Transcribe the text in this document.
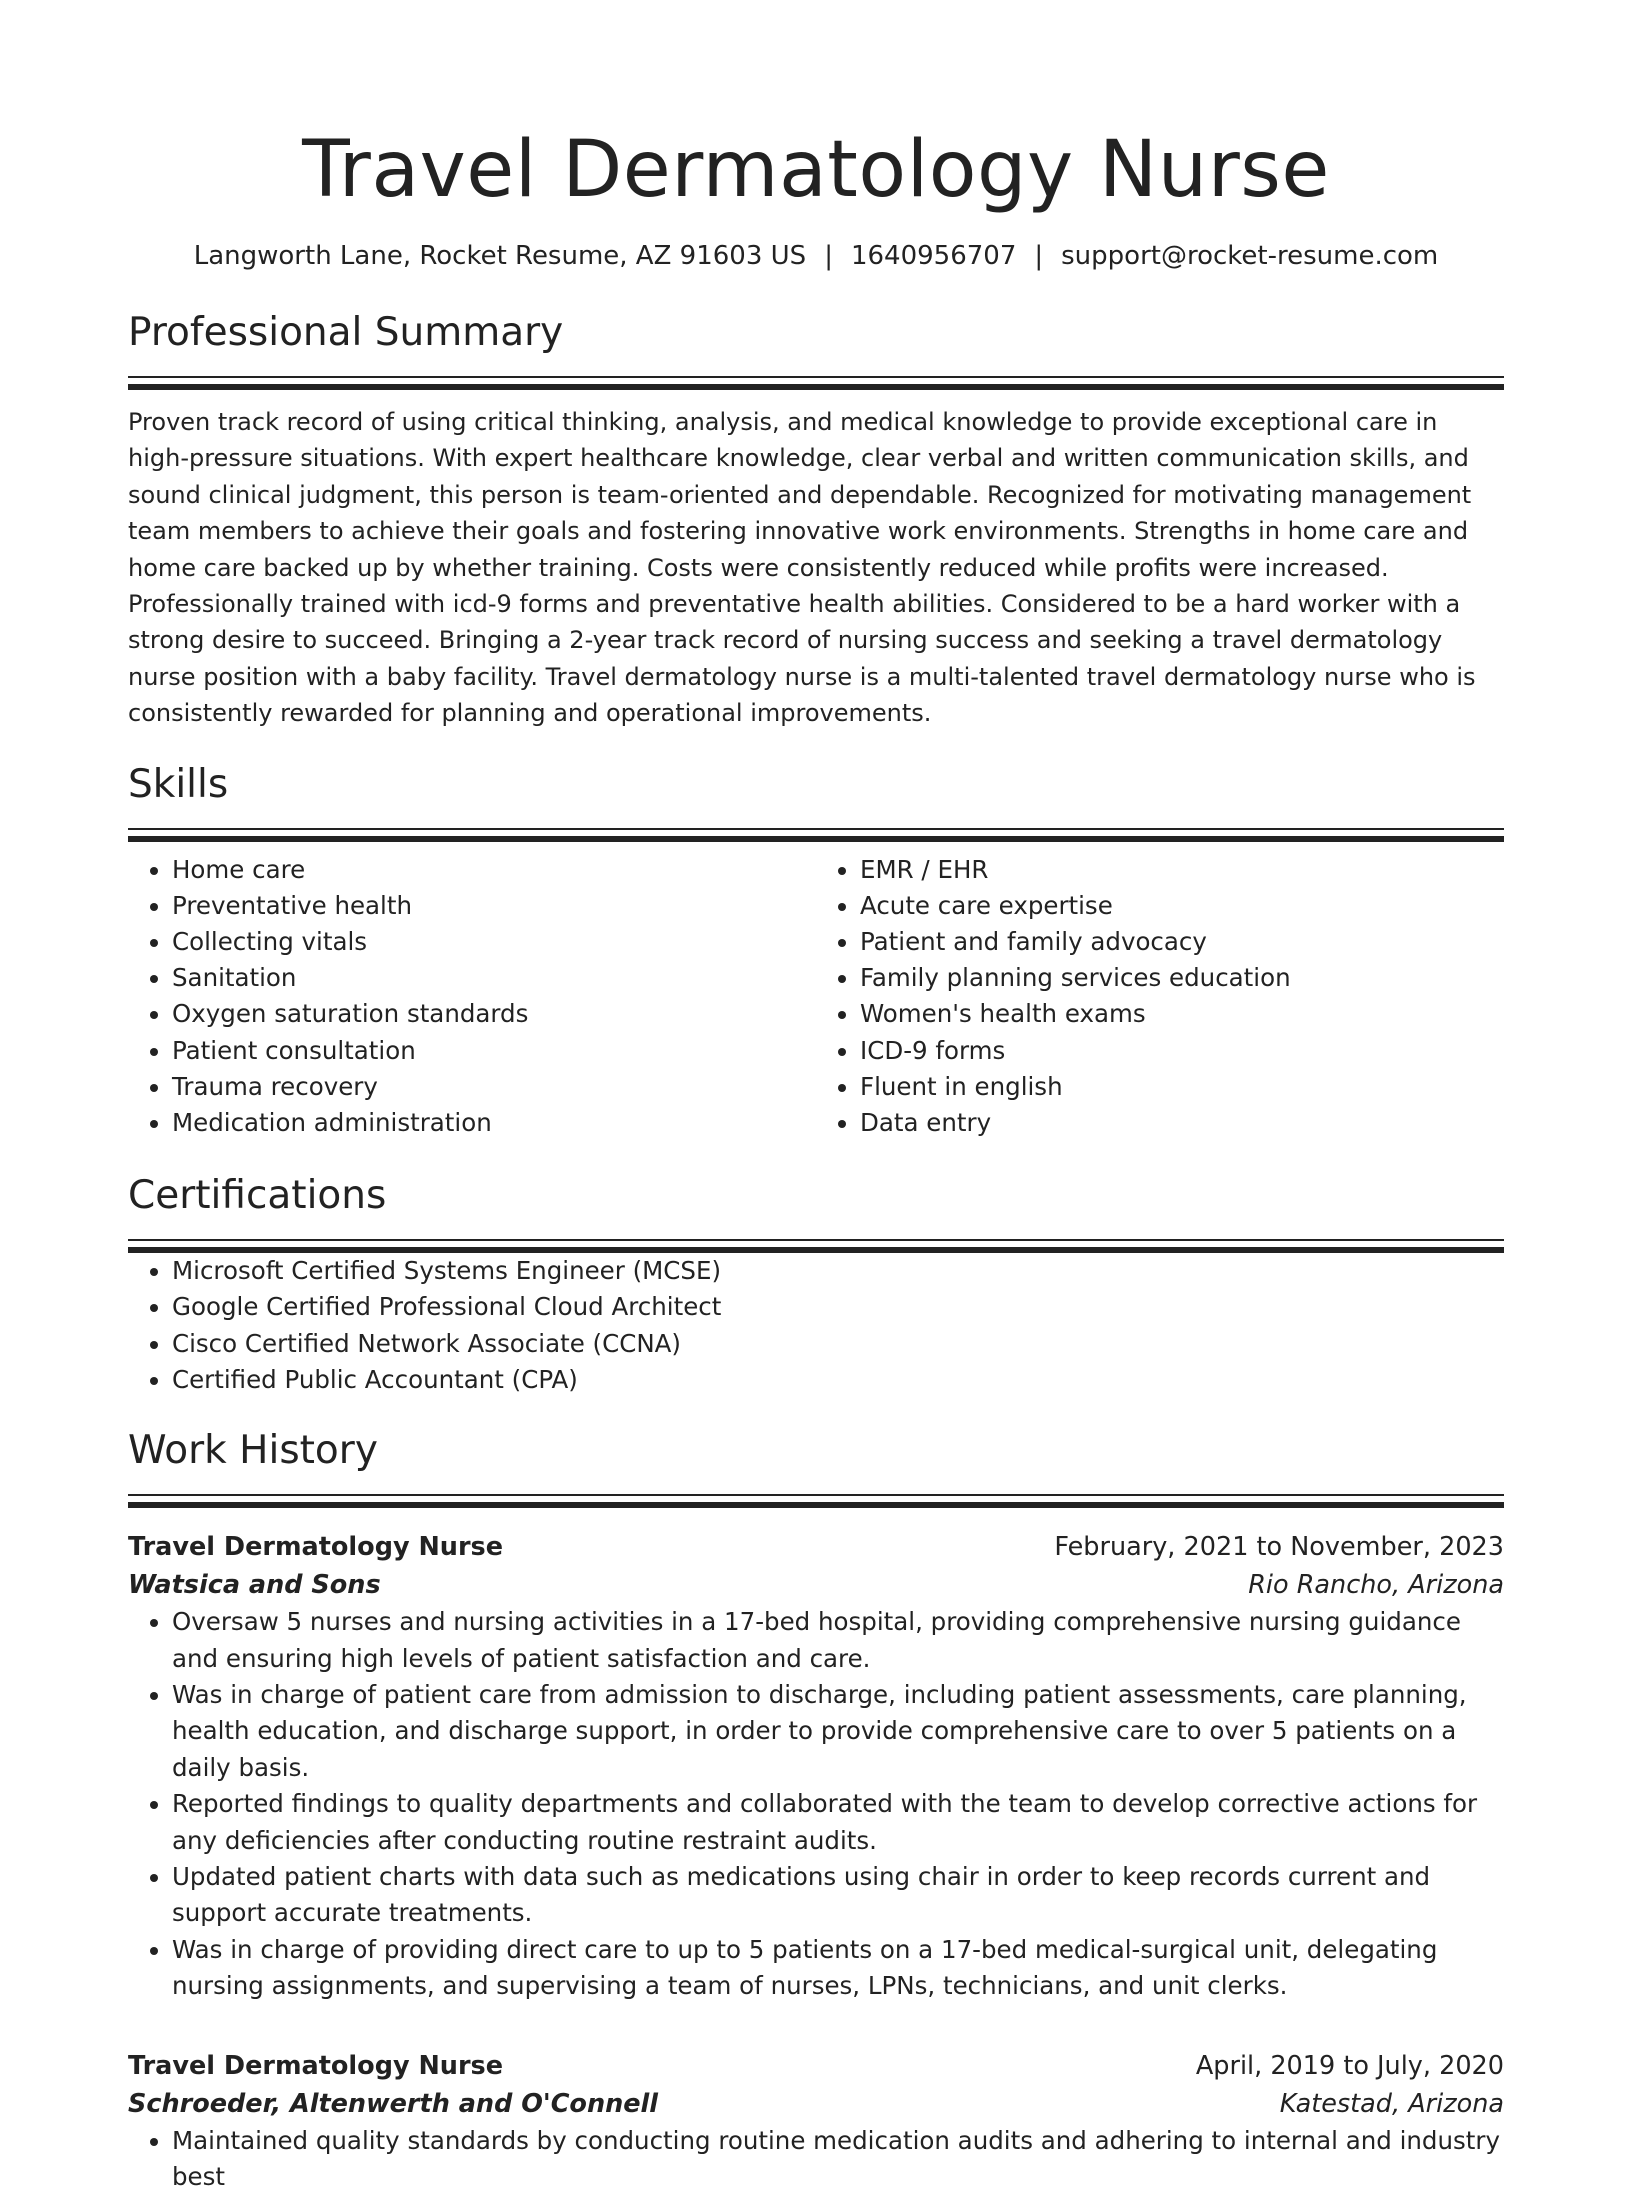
Travel Dermatology Nurse
Langworth Lane, Rocket Resume, AZ 91603 US | 1640956707 | support@rocket-resume.com
Professional Summary
Proven track record of using critical thinking, analysis, and medical knowledge to provide exceptional care in high-pressure situations. With expert healthcare knowledge, clear verbal and written communication skills, and sound clinical judgment, this person is team-oriented and dependable. Recognized for motivating management team members to achieve their goals and fostering innovative work environments. Strengths in home care and home care backed up by whether training. Costs were consistently reduced while profits were increased. Professionally trained with icd-9 forms and preventative health abilities. Considered to be a hard worker with a strong desire to succeed. Bringing a 2-year track record of nursing success and seeking a travel dermatology nurse position with a baby facility. Travel dermatology nurse is a multi-talented travel dermatology nurse who is consistently rewarded for planning and operational improvements.
Skills
• Home care
• Preventative health
• Collecting vitals
• Sanitation
• Oxygen saturation standards
• Patient consultation
• Trauma recovery
• Medication administration
• EMR / EHR
• Acute care expertise
• Patient and family advocacy
• Family planning services education
• Women's health exams
• ICD-9 forms
• Fluent in english
• Data entry
Certifications
• Microsoft Certified Systems Engineer (MCSE)
• Google Certified Professional Cloud Architect
• Cisco Certified Network Associate (CCNA)
• Certified Public Accountant (CPA)
Work History
Travel Dermatology Nurse	February, 2021 to November, 2023
Watsica and Sons	Rio Rancho, Arizona
• Oversaw 5 nurses and nursing activities in a 17-bed hospital, providing comprehensive nursing guidance and ensuring high levels of patient satisfaction and care.
• Was in charge of patient care from admission to discharge, including patient assessments, care planning, health education, and discharge support, in order to provide comprehensive care to over 5 patients on a daily basis.
• Reported findings to quality departments and collaborated with the team to develop corrective actions for any deficiencies after conducting routine restraint audits.
• Updated patient charts with data such as medications using chair in order to keep records current and support accurate treatments.
• Was in charge of providing direct care to up to 5 patients on a 17-bed medical-surgical unit, delegating nursing assignments, and supervising a team of nurses, LPNs, technicians, and unit clerks.
Travel Dermatology Nurse	April, 2019 to July, 2020
Schroeder, Altenwerth and O'Connell	Katestad, Arizona
• Maintained quality standards by conducting routine medication audits and adhering to internal and industry best
